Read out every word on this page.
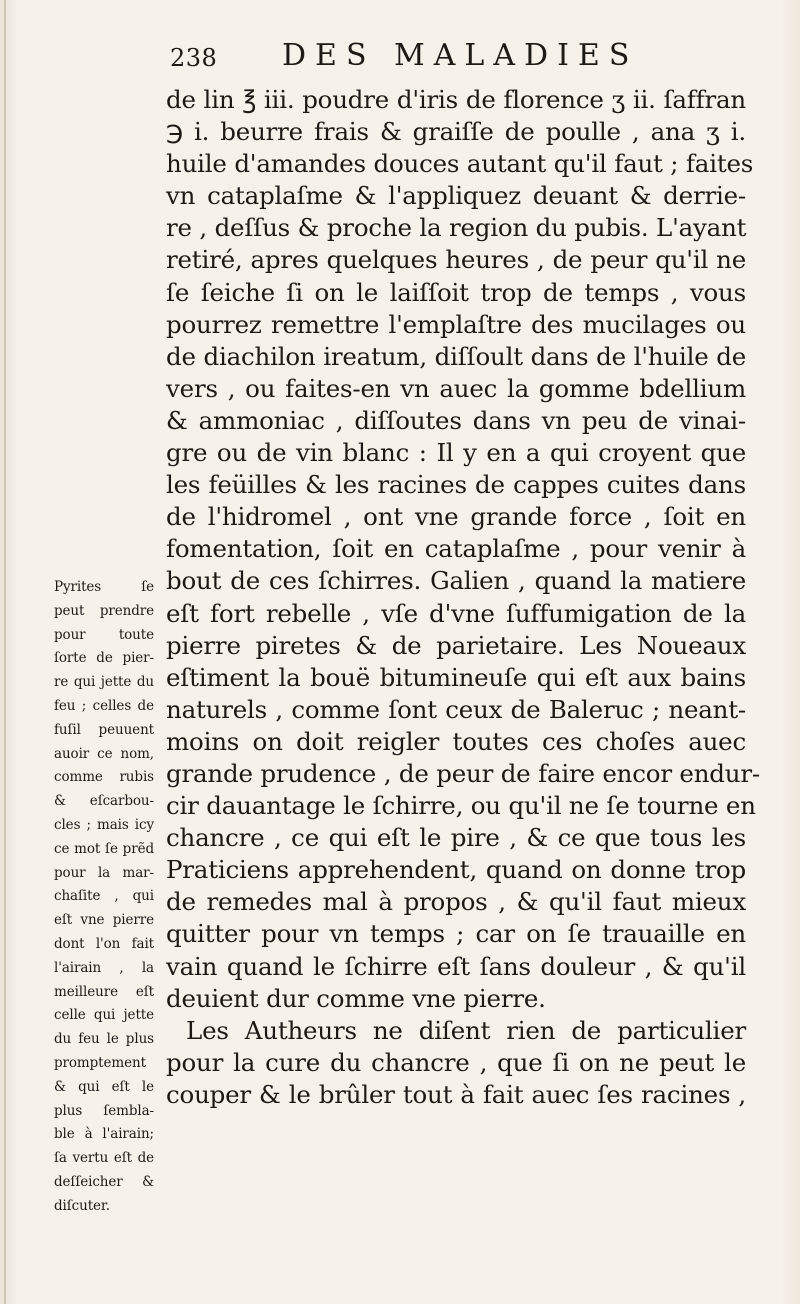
238 DES MALADIES
de lin ℥ iii. poudre d'iris de florence ʒ ii. ſaffran
℈ i. beurre frais & graiſſe de poulle , ana ʒ i.
huile d'amandes douces autant qu'il faut ; faites
vn cataplaſme & l'appliquez deuant & derrie-
re , deſſus & proche la region du pubis. L'ayant
retiré, apres quelques heures , de peur qu'il ne
ſe ſeiche ſi on le laiſſoit trop de temps , vous
pourrez remettre l'emplaſtre des mucilages ou
de diachilon ireatum, diſſoult dans de l'huile de
vers , ou faites-en vn auec la gomme bdellium
& ammoniac , diſſoutes dans vn peu de vinai-
gre ou de vin blanc : Il y en a qui croyent que
les feüilles & les racines de cappes cuites dans
de l'hidromel , ont vne grande force , ſoit en
fomentation, ſoit en cataplaſme , pour venir à
bout de ces ſchirres. Galien , quand la matiere
eſt fort rebelle , vſe d'vne ſuffumigation de la
pierre piretes & de parietaire. Les Noueaux
eſtiment la bouë bitumineuſe qui eſt aux bains
naturels , comme ſont ceux de Baleruc ; neant-
moins on doit reigler toutes ces choſes auec
grande prudence , de peur de faire encor endur-
cir dauantage le ſchirre, ou qu'il ne ſe tourne en
chancre , ce qui eſt le pire , & ce que tous les
Praticiens apprehendent, quand on donne trop
de remedes mal à propos , & qu'il faut mieux
quitter pour vn temps ; car on ſe trauaille en
vain quand le ſchirre eſt ſans douleur , & qu'il
deuient dur comme vne pierre.
Les Autheurs ne diſent rien de particulier
pour la cure du chancre , que ſi on ne peut le
couper & le brûler tout à fait auec ſes racines ,
Pyrites ſe
peut prendre
pour toute
ſorte de pier-
re qui jette du
feu ; celles de
fuſil peuuent
auoir ce nom,
comme rubis
& eſcarbou-
cles ; mais icy
ce mot ſe prẽd
pour la mar-
chaſite , qui
eſt vne pierre
dont l'on fait
l'airain , la
meilleure eſt
celle qui jette
du feu le plus
promptement
& qui eſt le
plus ſembla-
ble à l'airain;
ſa vertu eſt de
deſſeicher &
diſcuter.
